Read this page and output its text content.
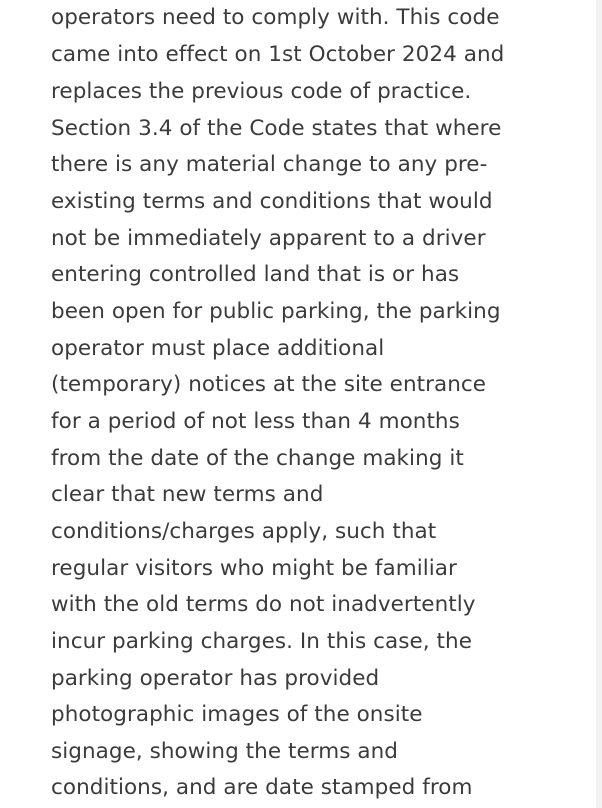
operators need to comply with. This code
came into effect on 1st October 2024 and
replaces the previous code of practice.
Section 3.4 of the Code states that where
there is any material change to any pre-
existing terms and conditions that would
not be immediately apparent to a driver
entering controlled land that is or has
been open for public parking, the parking
operator must place additional
(temporary) notices at the site entrance
for a period of not less than 4 months
from the date of the change making it
clear that new terms and
conditions/charges apply, such that
regular visitors who might be familiar
with the old terms do not inadvertently
incur parking charges. In this case, the
parking operator has provided
photographic images of the onsite
signage, showing the terms and
conditions, and are date stamped from
